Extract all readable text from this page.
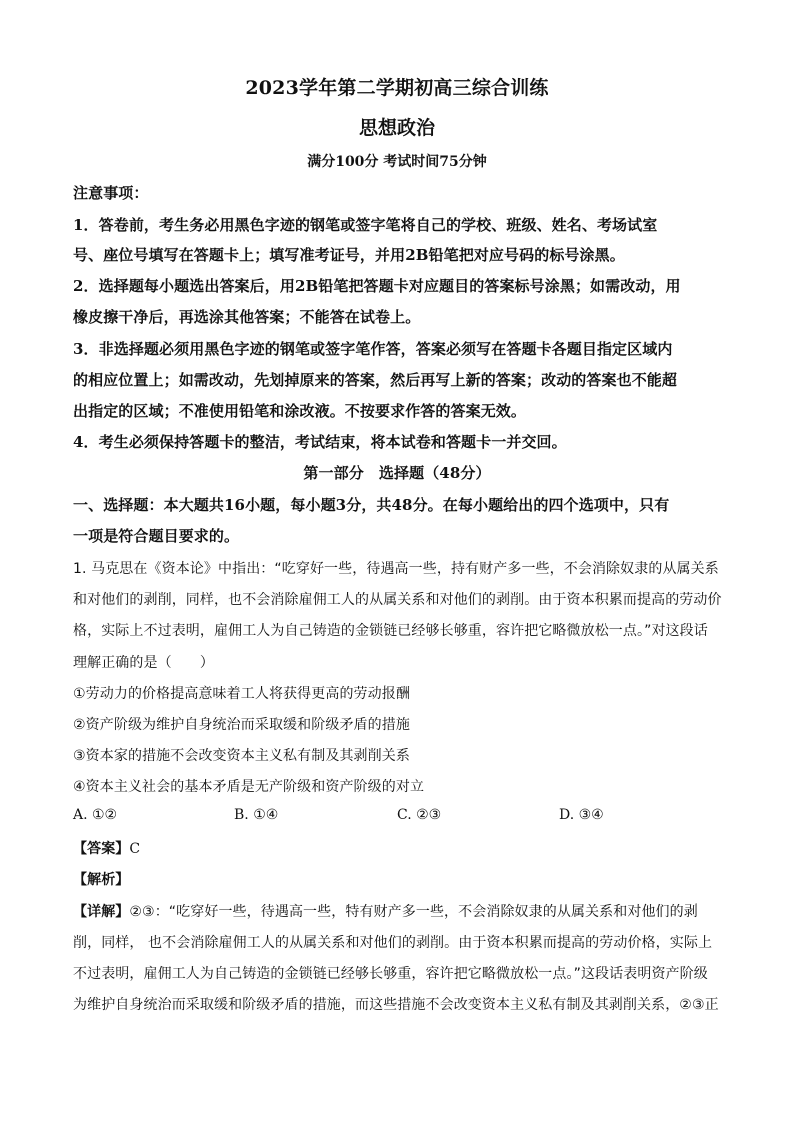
2023学年第二学期初高三综合训练
思想政治
满分100分 考试时间75分钟
注意事项：
1．答卷前，考生务必用黑色字迹的钢笔或签字笔将自己的学校、班级、姓名、考场试室
号、座位号填写在答题卡上；填写准考证号，并用2B铅笔把对应号码的标号涂黑。
2．选择题每小题选出答案后，用2B铅笔把答题卡对应题目的答案标号涂黑；如需改动，用
橡皮擦干净后，再选涂其他答案；不能答在试卷上。
3．非选择题必须用黑色字迹的钢笔或签字笔作答，答案必须写在答题卡各题目指定区域内
的相应位置上；如需改动，先划掉原来的答案，然后再写上新的答案；改动的答案也不能超
出指定的区域；不准使用铅笔和涂改液。不按要求作答的答案无效。
4．考生必须保持答题卡的整洁，考试结束，将本试卷和答题卡一并交回。
第一部分　选择题（48分）
一、选择题：本大题共16小题，每小题3分，共48分。在每小题给出的四个选项中，只有
一项是符合题目要求的。
1. 马克思在《资本论》中指出：“吃穿好一些，待遇高一些，持有财产多一些，不会消除奴隶的从属关系
和对他们的剥削，同样，也不会消除雇佣工人的从属关系和对他们的剥削。由于资本积累而提高的劳动价
格，实际上不过表明，雇佣工人为自己铸造的金锁链已经够长够重，容许把它略微放松一点。”对这段话
理解正确的是（　　）
①劳动力的价格提高意味着工人将获得更高的劳动报酬
②资产阶级为维护自身统治而采取缓和阶级矛盾的措施
③资本家的措施不会改变资本主义私有制及其剥削关系
④资本主义社会的基本矛盾是无产阶级和资产阶级的对立
A. ①②	B. ①④	C. ②③	D. ③④
【答案】C
【解析】
【详解】②③：“吃穿好一些，待遇高一些，特有财产多一些，不会消除奴隶的从属关系和对他们的剥
削，同样， 也不会消除雇佣工人的从属关系和对他们的剥削。由于资本积累而提高的劳动价格，实际上
不过表明，雇佣工人为自己铸造的金锁链已经够长够重，容许把它略微放松一点。”这段话表明资产阶级
为维护自身统治而采取缓和阶级矛盾的措施，而这些措施不会改变资本主义私有制及其剥削关系，②③正
